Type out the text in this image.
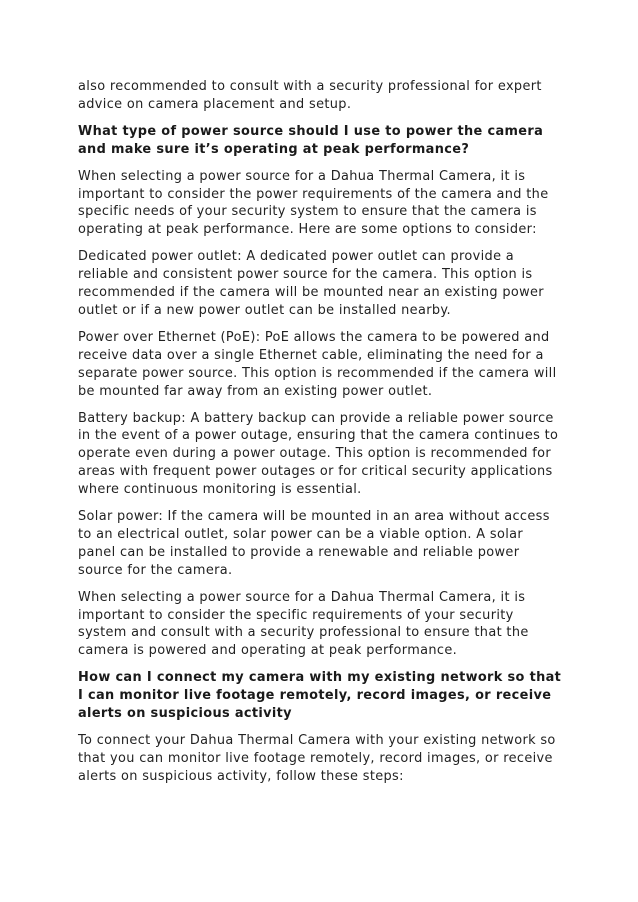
also recommended to consult with a security professional for expert advice on camera placement and setup.

What type of power source should I use to power the camera and make sure it’s operating at peak performance?

When selecting a power source for a Dahua Thermal Camera, it is important to consider the power requirements of the camera and the specific needs of your security system to ensure that the camera is operating at peak performance. Here are some options to consider:

Dedicated power outlet: A dedicated power outlet can provide a reliable and consistent power source for the camera. This option is recommended if the camera will be mounted near an existing power outlet or if a new power outlet can be installed nearby.

Power over Ethernet (PoE): PoE allows the camera to be powered and receive data over a single Ethernet cable, eliminating the need for a separate power source. This option is recommended if the camera will be mounted far away from an existing power outlet.

Battery backup: A battery backup can provide a reliable power source in the event of a power outage, ensuring that the camera continues to operate even during a power outage. This option is recommended for areas with frequent power outages or for critical security applications where continuous monitoring is essential.

Solar power: If the camera will be mounted in an area without access to an electrical outlet, solar power can be a viable option. A solar panel can be installed to provide a renewable and reliable power source for the camera.

When selecting a power source for a Dahua Thermal Camera, it is important to consider the specific requirements of your security system and consult with a security professional to ensure that the camera is powered and operating at peak performance.

How can I connect my camera with my existing network so that I can monitor live footage remotely, record images, or receive alerts on suspicious activity

To connect your Dahua Thermal Camera with your existing network so that you can monitor live footage remotely, record images, or receive alerts on suspicious activity, follow these steps:
